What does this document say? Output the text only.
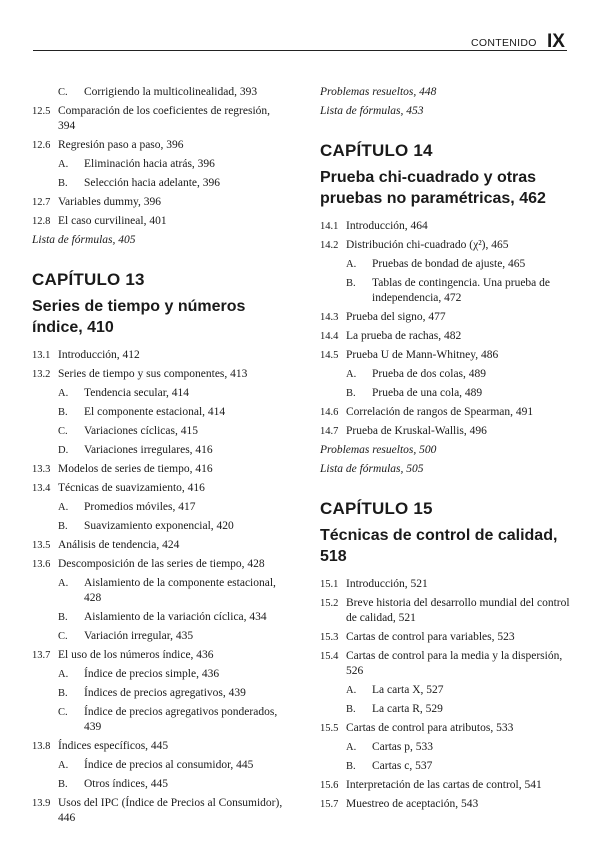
CONTENIDO IX
C. Corrigiendo la multicolinealidad, 393
12.5 Comparación de los coeficientes de regresión, 394
12.6 Regresión paso a paso, 396
A. Eliminación hacia atrás, 396
B. Selección hacia adelante, 396
12.7 Variables dummy, 396
12.8 El caso curvilineal, 401
Lista de fórmulas, 405
CAPÍTULO 13
Series de tiempo y números índice, 410
13.1 Introducción, 412
13.2 Series de tiempo y sus componentes, 413
A. Tendencia secular, 414
B. El componente estacional, 414
C. Variaciones cíclicas, 415
D. Variaciones irregulares, 416
13.3 Modelos de series de tiempo, 416
13.4 Técnicas de suavizamiento, 416
A. Promedios móviles, 417
B. Suavizamiento exponencial, 420
13.5 Análisis de tendencia, 424
13.6 Descomposición de las series de tiempo, 428
A. Aislamiento de la componente estacional, 428
B. Aislamiento de la variación cíclica, 434
C. Variación irregular, 435
13.7 El uso de los números índice, 436
A. Índice de precios simple, 436
B. Índices de precios agregativos, 439
C. Índice de precios agregativos ponderados, 439
13.8 Índices específicos, 445
A. Índice de precios al consumidor, 445
B. Otros índices, 445
13.9 Usos del IPC (Índice de Precios al Consumidor), 446
Problemas resueltos, 448
Lista de fórmulas, 453
CAPÍTULO 14
Prueba chi-cuadrado y otras pruebas no paramétricas, 462
14.1 Introducción, 464
14.2 Distribución chi-cuadrado (χ²), 465
A. Pruebas de bondad de ajuste, 465
B. Tablas de contingencia. Una prueba de independencia, 472
14.3 Prueba del signo, 477
14.4 La prueba de rachas, 482
14.5 Prueba U de Mann-Whitney, 486
A. Prueba de dos colas, 489
B. Prueba de una cola, 489
14.6 Correlación de rangos de Spearman, 491
14.7 Prueba de Kruskal-Wallis, 496
Problemas resueltos, 500
Lista de fórmulas, 505
CAPÍTULO 15
Técnicas de control de calidad, 518
15.1 Introducción, 521
15.2 Breve historia del desarrollo mundial del control de calidad, 521
15.3 Cartas de control para variables, 523
15.4 Cartas de control para la media y la dispersión, 526
A. La carta X, 527
B. La carta R, 529
15.5 Cartas de control para atributos, 533
A. Cartas p, 533
B. Cartas c, 537
15.6 Interpretación de las cartas de control, 541
15.7 Muestreo de aceptación, 543
